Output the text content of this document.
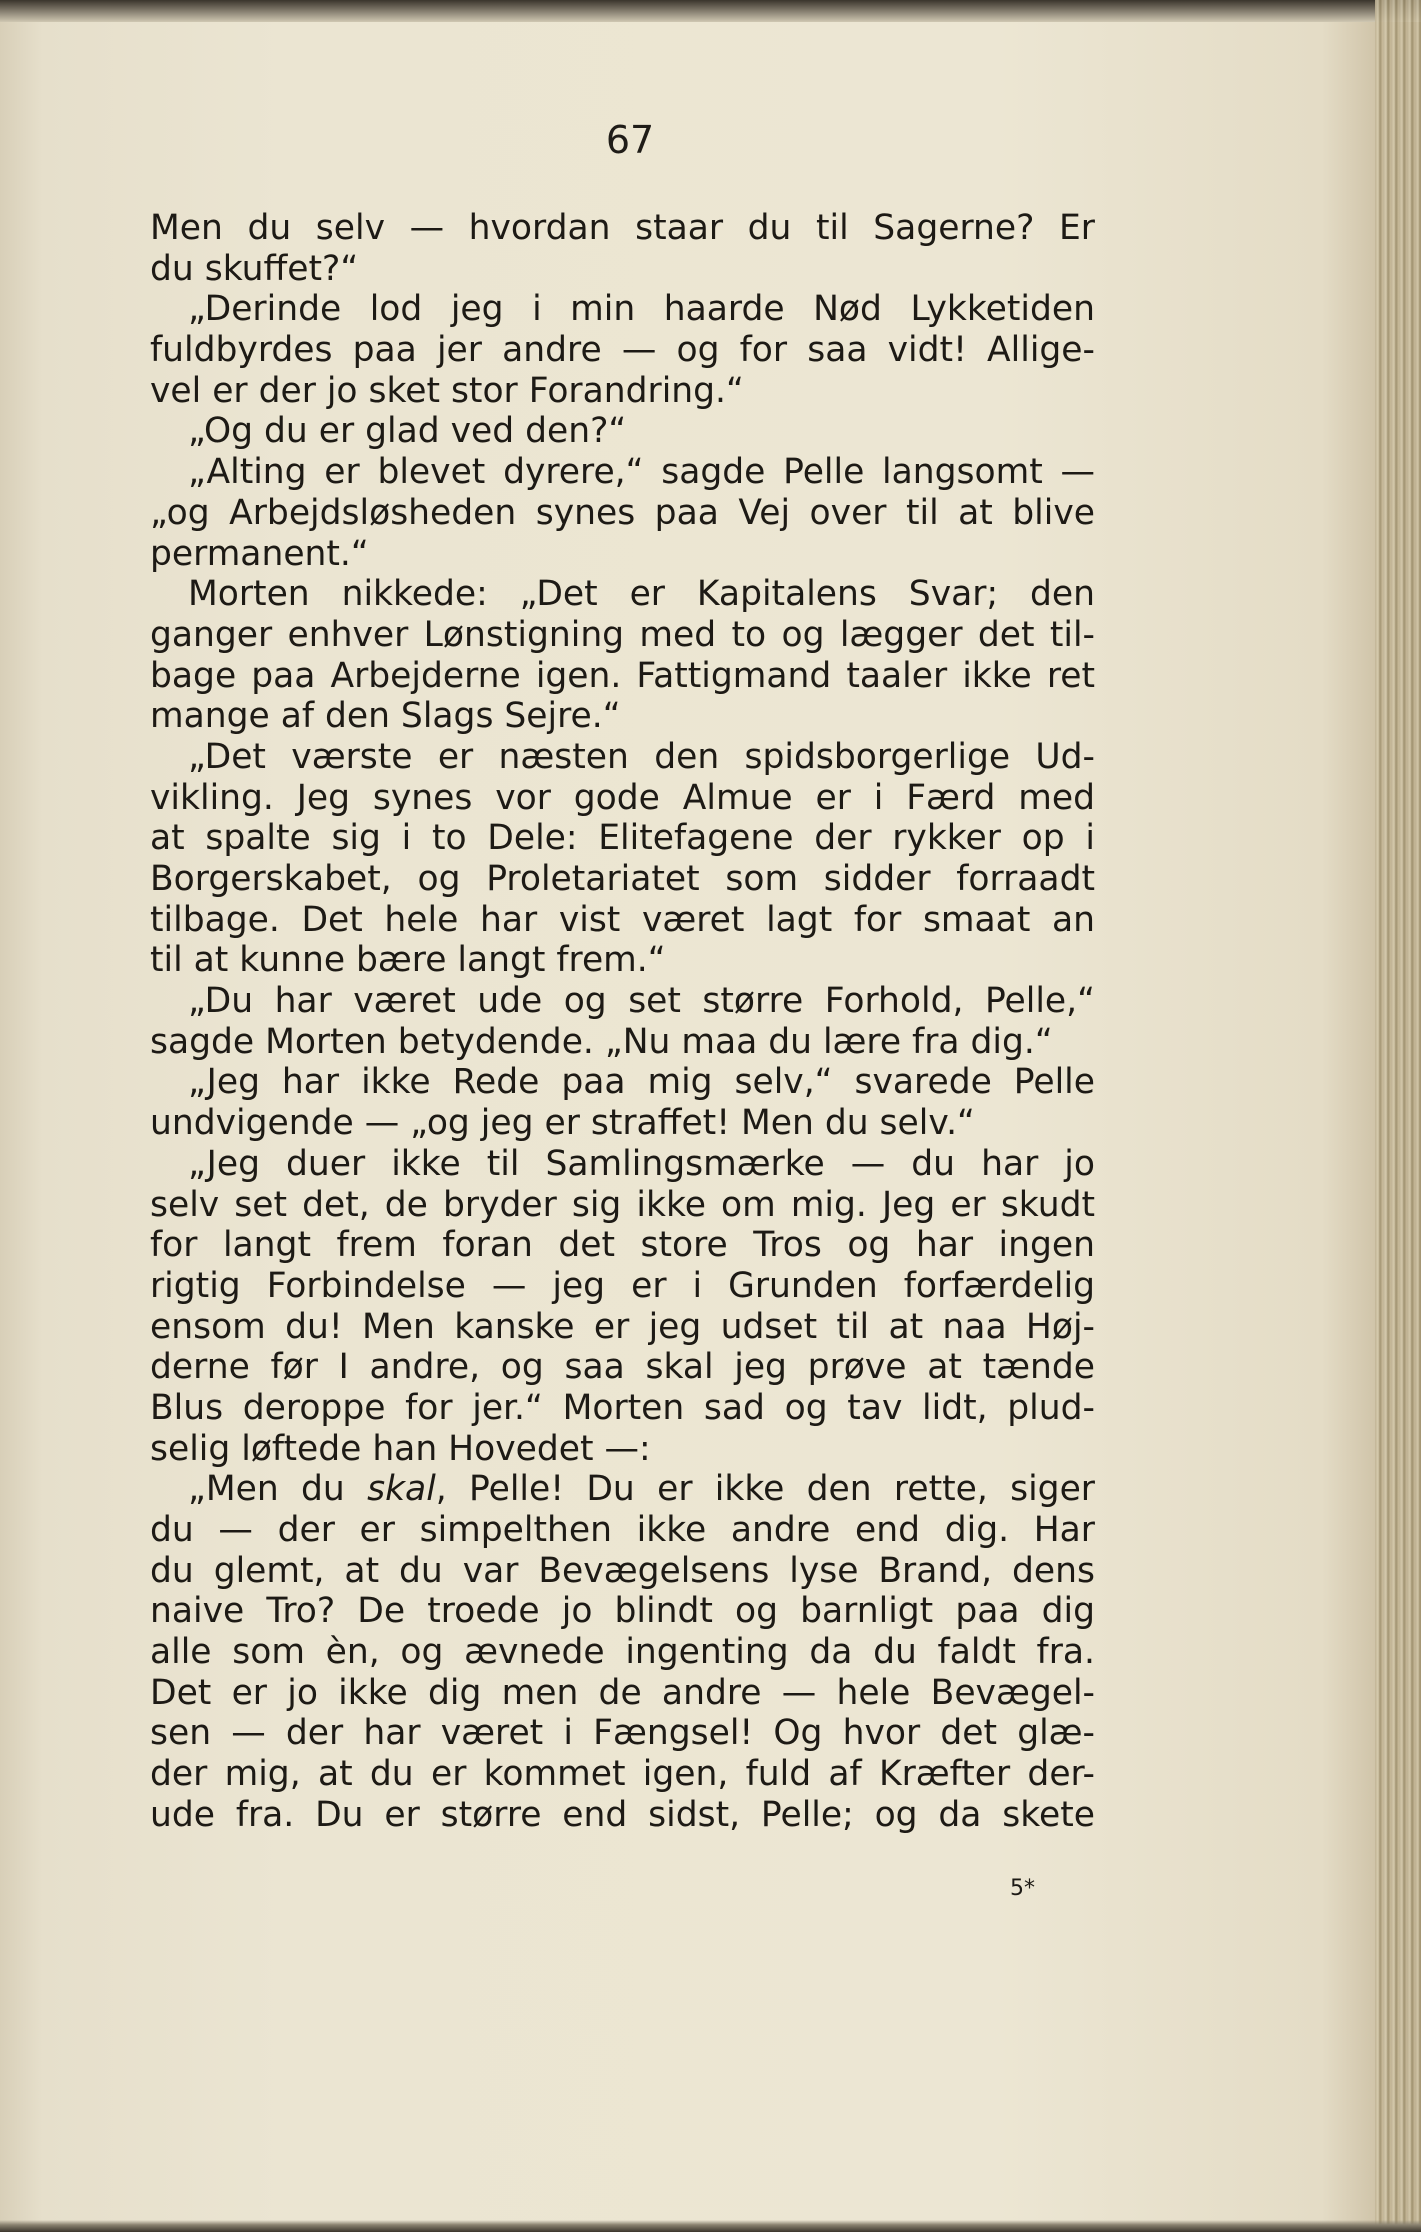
67
Men du selv — hvordan staar du til Sagerne? Er
du skuffet?“
„Derinde lod jeg i min haarde Nød Lykketiden
fuldbyrdes paa jer andre — og for saa vidt! Allige-
vel er der jo sket stor Forandring.“
„Og du er glad ved den?“
„Alting er blevet dyrere,“ sagde Pelle langsomt —
„og Arbejdsløsheden synes paa Vej over til at blive
permanent.“
Morten nikkede: „Det er Kapitalens Svar; den
ganger enhver Lønstigning med to og lægger det til-
bage paa Arbejderne igen. Fattigmand taaler ikke ret
mange af den Slags Sejre.“
„Det værste er næsten den spidsborgerlige Ud-
vikling. Jeg synes vor gode Almue er i Færd med
at spalte sig i to Dele: Elitefagene der rykker op i
Borgerskabet, og Proletariatet som sidder forraadt
tilbage. Det hele har vist været lagt for smaat an
til at kunne bære langt frem.“
„Du har været ude og set større Forhold, Pelle,“
sagde Morten betydende. „Nu maa du lære fra dig.“
„Jeg har ikke Rede paa mig selv,“ svarede Pelle
undvigende — „og jeg er straffet! Men du selv.“
„Jeg duer ikke til Samlingsmærke — du har jo
selv set det, de bryder sig ikke om mig. Jeg er skudt
for langt frem foran det store Tros og har ingen
rigtig Forbindelse — jeg er i Grunden forfærdelig
ensom du! Men kanske er jeg udset til at naa Høj-
derne før I andre, og saa skal jeg prøve at tænde
Blus deroppe for jer.“ Morten sad og tav lidt, plud-
selig løftede han Hovedet —:
„Men du skal, Pelle! Du er ikke den rette, siger
du — der er simpelthen ikke andre end dig. Har
du glemt, at du var Bevægelsens lyse Brand, dens
naive Tro? De troede jo blindt og barnligt paa dig
alle som èn, og ævnede ingenting da du faldt fra.
Det er jo ikke dig men de andre — hele Bevægel-
sen — der har været i Fængsel! Og hvor det glæ-
der mig, at du er kommet igen, fuld af Kræfter der-
ude fra. Du er større end sidst, Pelle; og da skete
5*
